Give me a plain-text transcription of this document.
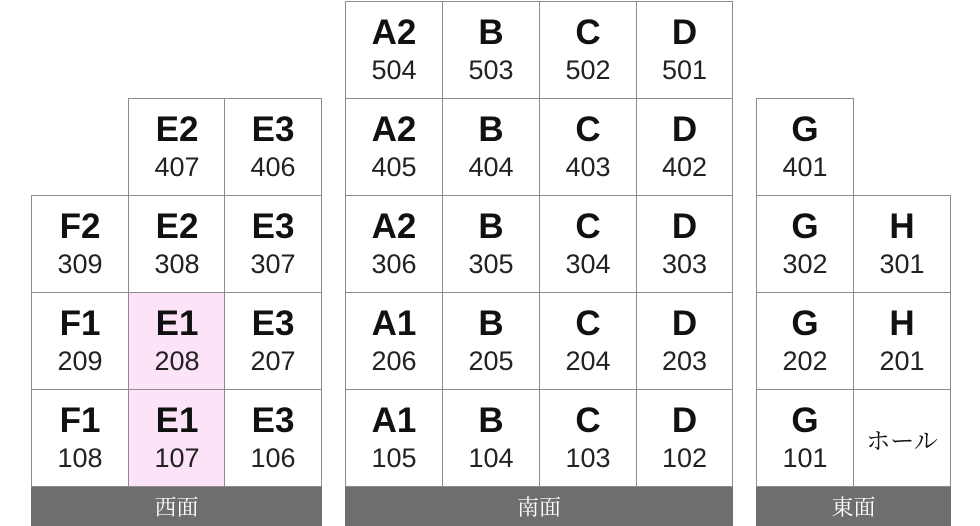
E2
407
E3
406
F2
309
E2
308
E3
307
F1
209
E1
208
E3
207
F1
108
E1
107
E3
106
西面
A2
504
B
503
C
502
D
501
A2
405
B
404
C
403
D
402
A2
306
B
305
C
304
D
303
A1
206
B
205
C
204
D
203
A1
105
B
104
C
103
D
102
南面
G
401
G
302
H
301
G
202
H
201
G
101
ホール
東面
